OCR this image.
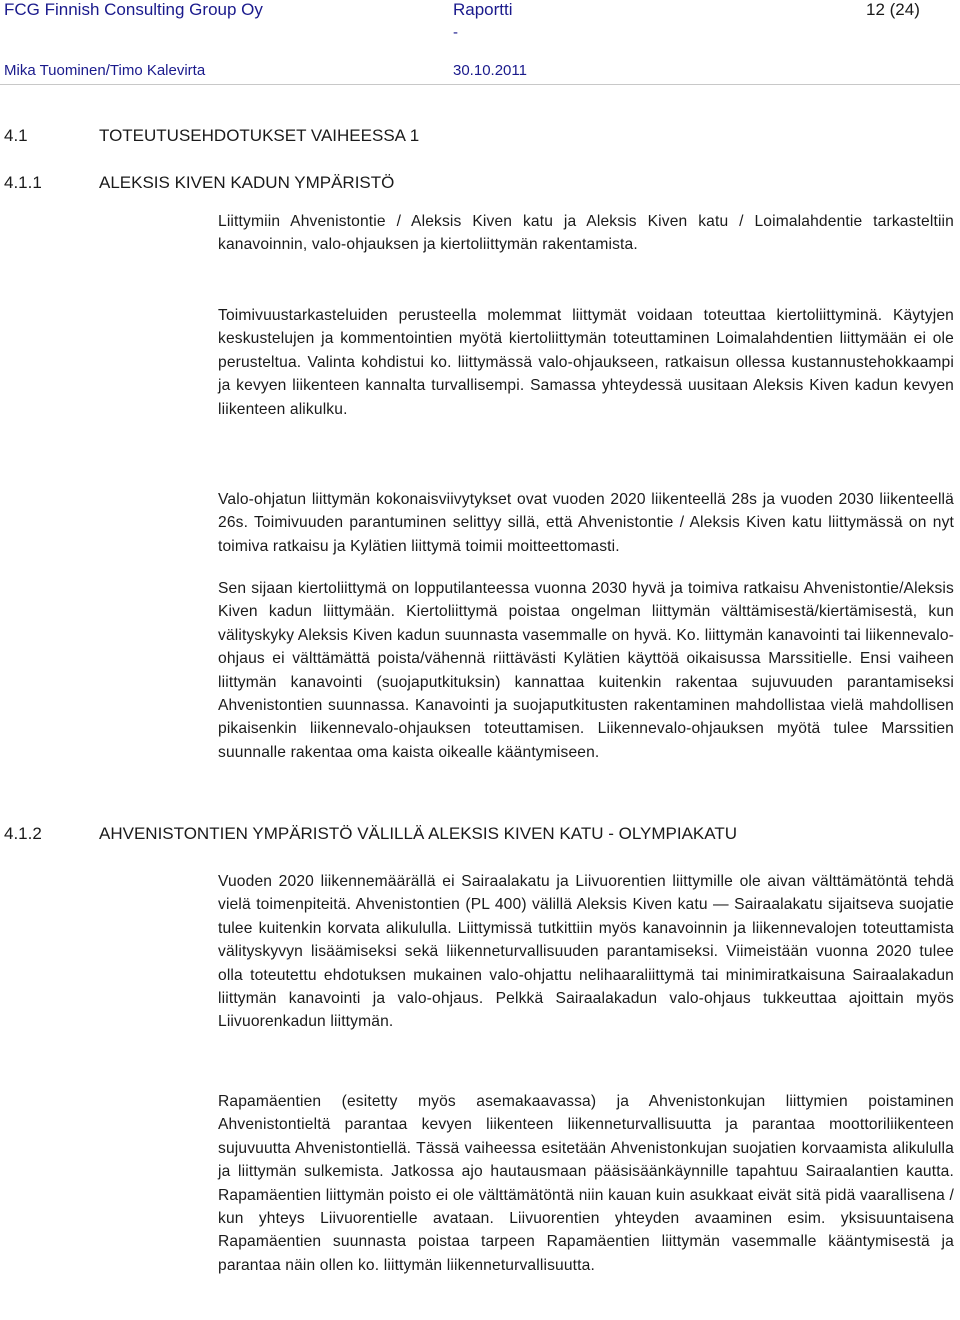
FCG Finnish Consulting Group Oy	Raportti
-
12 (24)
Mika Tuominen/Timo Kalevirta	30.10.2011
4.1	TOTEUTUSEHDOTUKSET VAIHEESSA 1
4.1.1	ALEKSIS KIVEN KADUN YMPÄRISTÖ

Liittymiin Ahvenistontie / Aleksis Kiven katu ja Aleksis Kiven katu / Loimalahdentie tarkasteltiin kanavoinnin, valo-ohjauksen ja kiertoliittymän rakentamista.

Toimivuustarkasteluiden perusteella molemmat liittymät voidaan toteuttaa kiertoliittyminä. Käytyjen keskustelujen ja kommentointien myötä kiertoliittymän toteuttaminen Loimalahdentien liittymään ei ole perusteltua. Valinta kohdistui ko. liittymässä valo-ohjaukseen, ratkaisun ollessa kustannustehokkaampi ja kevyen liikenteen kannalta turvallisempi. Samassa yhteydessä uusitaan Aleksis Kiven kadun kevyen liikenteen alikulku.

Valo-ohjatun liittymän kokonaisviivytykset ovat vuoden 2020 liikenteellä 28s ja vuoden 2030 liikenteellä 26s. Toimivuuden parantuminen selittyy sillä, että Ahvenistontie / Aleksis Kiven katu liittymässä on nyt toimiva ratkaisu ja Kylätien liittymä toimii moitteettomasti.

Sen sijaan kiertoliittymä on lopputilanteessa vuonna 2030 hyvä ja toimiva ratkaisu Ahvenistontie/Aleksis Kiven kadun liittymään. Kiertoliittymä poistaa ongelman liittymän välttämisestä/kiertämisestä, kun välityskyky Aleksis Kiven kadun suunnasta vasemmalle on hyvä. Ko. liittymän kanavointi tai liikennevalo-ohjaus ei välttämättä poista/vähennä riittävästi Kylätien käyttöä oikaisussa Marssitielle. Ensi vaiheen liittymän kanavointi (suojaputkituksin) kannattaa kuitenkin rakentaa sujuvuuden parantamiseksi Ahvenistontien suunnassa. Kanavointi ja suojaputkitusten rakentaminen mahdollistaa vielä mahdollisen pikaisenkin liikennevalo-ohjauksen toteuttamisen. Liikennevalo-ohjauksen myötä tulee Marssitien suunnalle rakentaa oma kaista oikealle kääntymiseen.

4.1.2	AHVENISTONTIEN YMPÄRISTÖ VÄLILLÄ ALEKSIS KIVEN KATU - OLYMPIAKATU

Vuoden 2020 liikennemäärällä ei Sairaalakatu ja Liivuorentien liittymille ole aivan välttämätöntä tehdä vielä toimenpiteitä. Ahvenistontien (PL 400) välillä Aleksis Kiven katu — Sairaalakatu sijaitseva suojatie tulee kuitenkin korvata alikululla. Liittymissä tutkittiin myös kanavoinnin ja liikennevalojen toteuttamista välityskyvyn lisäämiseksi sekä liikenneturvallisuuden parantamiseksi. Viimeistään vuonna 2020 tulee olla toteutettu ehdotuksen mukainen valo-ohjattu nelihaaraliittymä tai minimiratkaisuna Sairaalakadun liittymän kanavointi ja valo-ohjaus. Pelkkä Sairaalakadun valo-ohjaus tukkeuttaa ajoittain myös Liivuorenkadun liittymän.

Rapamäentien (esitetty myös asemakaavassa) ja Ahvenistonkujan liittymien poistaminen Ahvenistontieltä parantaa kevyen liikenteen liikenneturvallisuutta ja parantaa moottoriliikenteen sujuvuutta Ahvenistontiellä. Tässä vaiheessa esitetään Ahvenistonkujan suojatien korvaamista alikululla ja liittymän sulkemista. Jatkossa ajo hautausmaan pääsisäänkäynnille tapahtuu Sairaalantien kautta. Rapamäentien liittymän poisto ei ole välttämätöntä niin kauan kuin asukkaat eivät sitä pidä vaarallisena / kun yhteys Liivuorentielle avataan. Liivuorentien yhteyden avaaminen esim. yksisuuntaisena Rapamäentien suunnasta poistaa tarpeen Rapamäentien liittymän vasemmalle kääntymisestä ja parantaa näin ollen ko. liittymän liikenneturvallisuutta.
